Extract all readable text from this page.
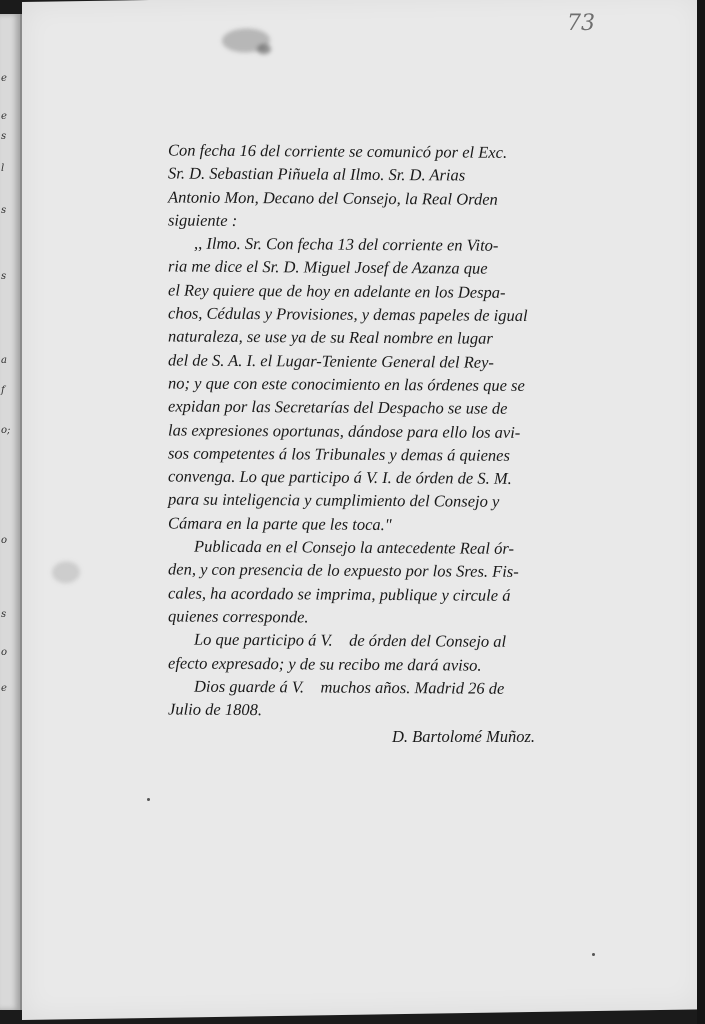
e
e
s
l
s
s
a
f
o;
o
s
o
e
73
Con fecha 16 del corriente se comunicó por el Exc.
Sr. D. Sebastian Piñuela al Ilmo. Sr. D. Arias
Antonio Mon, Decano del Consejo, la Real Orden
siguiente :
,, Ilmo. Sr. Con fecha 13 del corriente en Vito-
ria me dice el Sr. D. Miguel Josef de Azanza que
el Rey quiere que de hoy en adelante en los Despa-
chos, Cédulas y Provisiones, y demas papeles de igual
naturaleza, se use ya de su Real nombre en lugar
del de S. A. I. el Lugar-Teniente General del Rey-
no; y que con este conocimiento en las órdenes que se
expidan por las Secretarías del Despacho se use de
las expresiones oportunas, dándose para ello los avi-
sos competentes á los Tribunales y demas á quienes
convenga. Lo que participo á V. I. de órden de S. M.
para su inteligencia y cumplimiento del Consejo y
Cámara en la parte que les toca."
Publicada en el Consejo la antecedente Real ór-
den, y con presencia de lo expuesto por los Sres. Fis-
cales, ha acordado se imprima, publique y circule á
quienes corresponde.
Lo que participo á V.    de órden del Consejo al
efecto expresado; y de su recibo me dará aviso.
Dios guarde á V.    muchos años. Madrid 26 de
Julio de 1808.
D. Bartolomé Muñoz.
